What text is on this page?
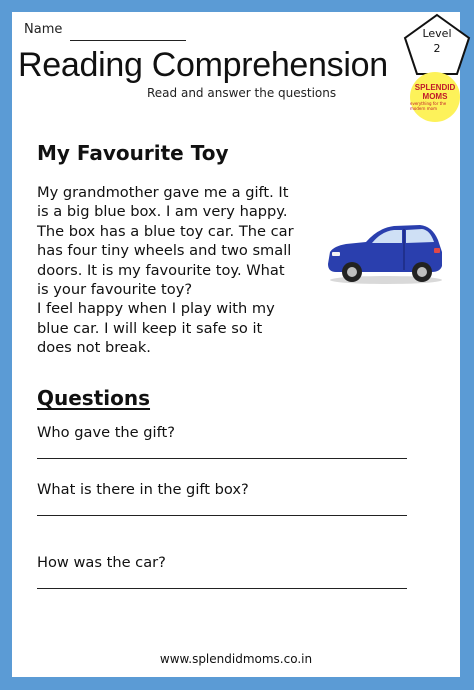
Name
Reading Comprehension
Read and answer the questions
Level
2
SPLENDID
MOMS
everything for the modern mom
My Favourite Toy
My grandmother gave me a gift. It
is a big blue box. I am very happy.
The box has a blue toy car. The car
has four tiny wheels and two small
doors. It is my favourite toy. What
is your favourite toy?
I feel happy when I play with my
blue car. I will keep it safe so it
does not break.
Questions
Who gave the gift?
What is there in the gift box?
How was the car?
www.splendidmoms.co.in
